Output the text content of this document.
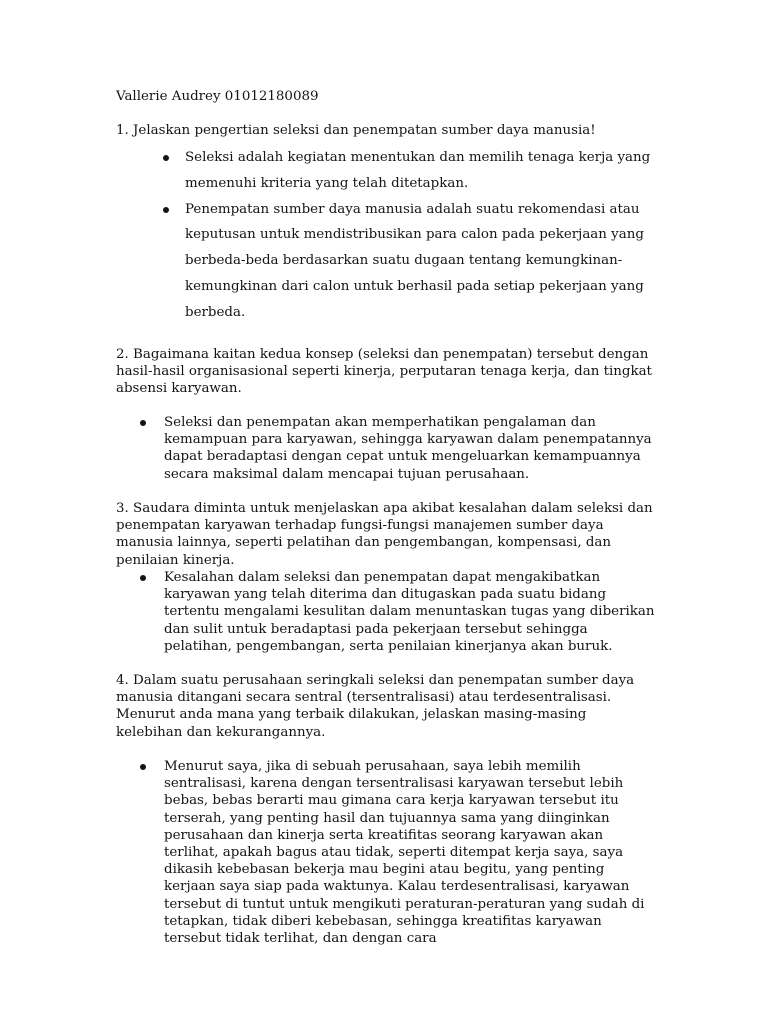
Vallerie Audrey 01012180089
1. Jelaskan pengertian seleksi dan penempatan sumber daya manusia!
Seleksi adalah kegiatan menentukan dan memilih tenaga kerja yang memenuhi kriteria yang telah ditetapkan.
Penempatan sumber daya manusia adalah suatu rekomendasi atau keputusan untuk mendistribusikan para calon pada pekerjaan yang berbeda-beda berdasarkan suatu dugaan tentang kemungkinan-kemungkinan dari calon untuk berhasil pada setiap pekerjaan yang berbeda.
2. Bagaimana kaitan kedua konsep (seleksi dan penempatan) tersebut dengan hasil-hasil organisasional seperti kinerja, perputaran tenaga kerja, dan tingkat absensi karyawan.
Seleksi dan penempatan akan memperhatikan pengalaman dan kemampuan para karyawan, sehingga karyawan dalam penempatannya dapat beradaptasi dengan cepat untuk mengeluarkan kemampuannya secara maksimal dalam mencapai tujuan perusahaan.
3. Saudara diminta untuk menjelaskan apa akibat kesalahan dalam seleksi dan penempatan karyawan terhadap fungsi-fungsi manajemen sumber daya manusia lainnya, seperti pelatihan dan pengembangan, kompensasi, dan penilaian kinerja.
Kesalahan dalam seleksi dan penempatan dapat mengakibatkan karyawan yang telah diterima dan ditugaskan pada suatu bidang tertentu mengalami kesulitan dalam menuntaskan tugas yang diberikan dan sulit untuk beradaptasi pada pekerjaan tersebut sehingga pelatihan, pengembangan, serta penilaian kinerjanya akan buruk.
4. Dalam suatu perusahaan seringkali seleksi dan penempatan sumber daya manusia ditangani secara sentral (tersentralisasi) atau terdesentralisasi. Menurut anda mana yang terbaik dilakukan, jelaskan masing-masing kelebihan dan kekurangannya.
Menurut saya, jika di sebuah perusahaan, saya lebih memilih sentralisasi, karena dengan tersentralisasi karyawan tersebut lebih bebas, bebas berarti mau gimana cara kerja karyawan tersebut itu terserah, yang penting hasil dan tujuannya sama yang diinginkan perusahaan dan kinerja serta kreatifitas seorang karyawan akan terlihat, apakah bagus atau tidak, seperti ditempat kerja saya, saya dikasih kebebasan bekerja mau begini atau begitu, yang penting kerjaan saya siap pada waktunya. Kalau terdesentralisasi, karyawan tersebut di tuntut untuk mengikuti peraturan-peraturan yang sudah di tetapkan, tidak diberi kebebasan, sehingga kreatifitas karyawan tersebut tidak terlihat, dan dengan cara
